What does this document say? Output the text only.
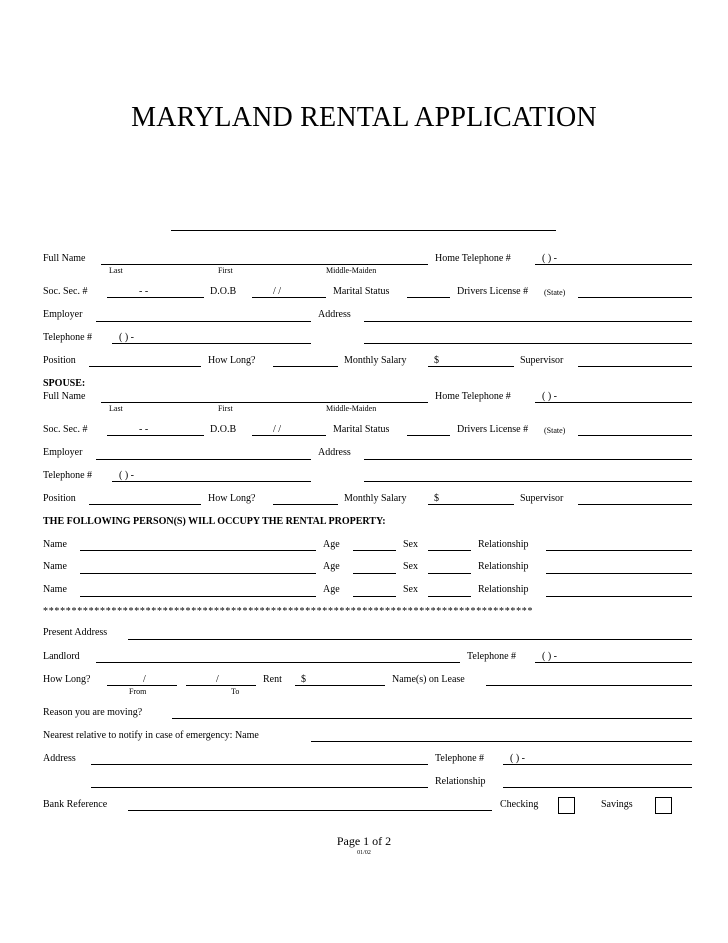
MARYLAND RENTAL APPLICATION
Full Name
Last	First	Middle-Maiden
Home Telephone #	( ) -
Soc. Sec. #	- -	D.O.B	/ /	Marital Status	Drivers License # (State)
Employer	Address
Telephone #	( ) -
Position	How Long?	Monthly Salary	$	Supervisor
SPOUSE:
Full Name
Last	First	Middle-Maiden
Home Telephone #	( ) -
Soc. Sec. #	- -	D.O.B	/ /	Marital Status	Drivers License # (State)
Employer	Address
Telephone #	( ) -
Position	How Long?	Monthly Salary	$	Supervisor
THE FOLLOWING PERSON(S) WILL OCCUPY THE RENTAL PROPERTY:
Name	Age	Sex	Relationship
Name	Age	Sex	Relationship
Name	Age	Sex	Relationship
**************************************************************************************
Present Address
Landlord	Telephone #	( ) -
How Long?	/	/
From	To
Rent $	Name(s) on Lease
Reason you are moving?
Nearest relative to notify in case of emergency: Name
Address	Telephone #	( ) -
Relationship
Bank Reference	Checking	Savings
Page 1 of 2
01/02
